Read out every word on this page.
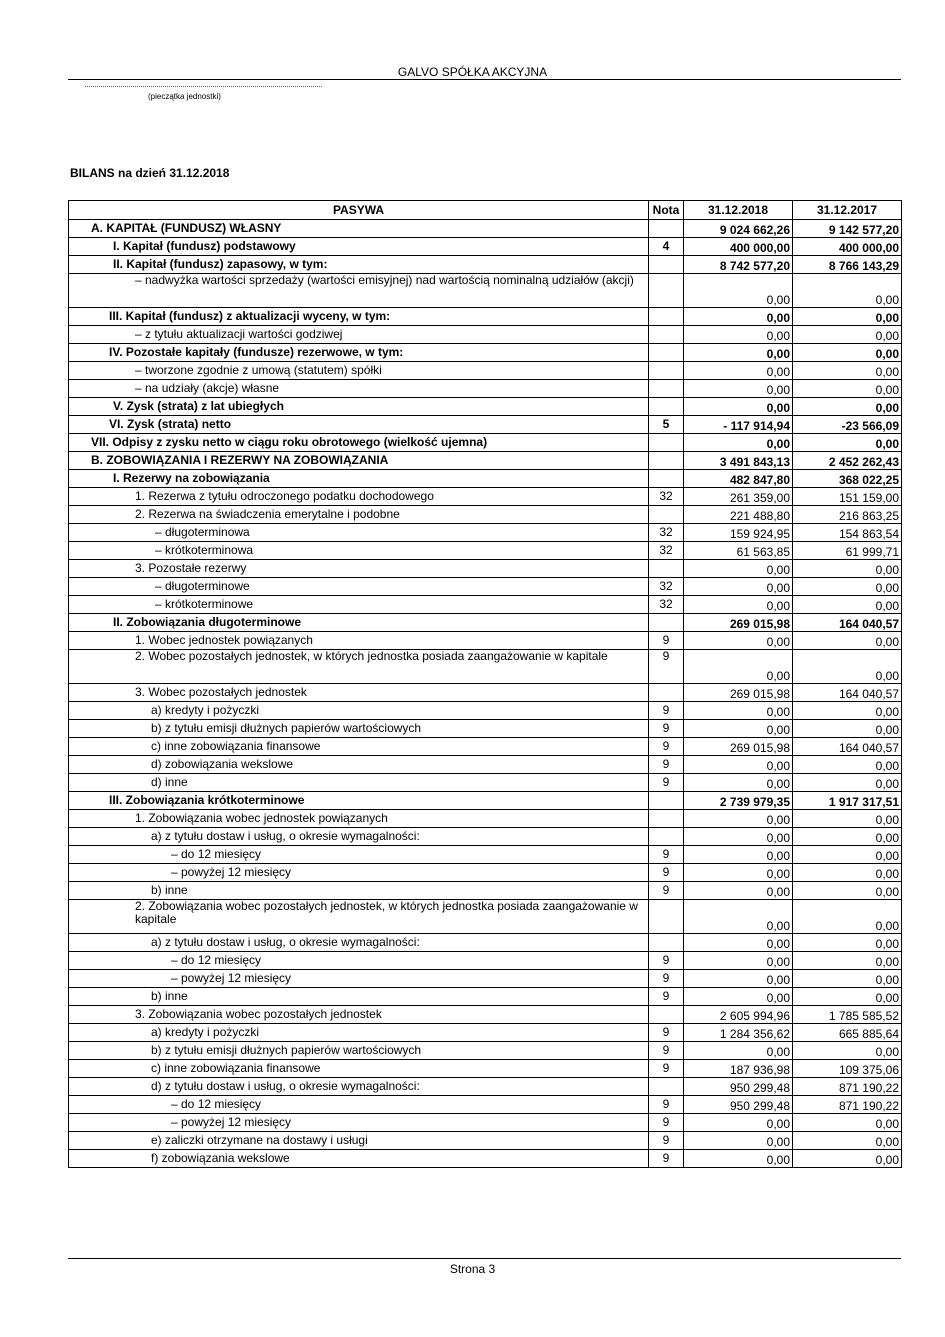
GALVO SPÓŁKA AKCYJNA
(pieczątka jednostki)
BILANS na dzień 31.12.2018
PASYWA	Nota	31.12.2018	31.12.2017
A. KAPITAŁ (FUNDUSZ) WŁASNY		9 024 662,26	9 142 577,20
I. Kapitał (fundusz) podstawowy	4	400 000,00	400 000,00
II. Kapitał (fundusz) zapasowy, w tym:		8 742 577,20	8 766 143,29
– nadwyżka wartości sprzedaży (wartości emisyjnej) nad wartością nominalną udziałów (akcji)		0,00	0,00
III. Kapitał (fundusz) z aktualizacji wyceny, w tym:		0,00	0,00
– z tytułu aktualizacji wartości godziwej		0,00	0,00
IV. Pozostałe kapitały (fundusze) rezerwowe, w tym:		0,00	0,00
– tworzone zgodnie z umową (statutem) spółki		0,00	0,00
– na udziały (akcje) własne		0,00	0,00
V. Zysk (strata) z lat ubiegłych		0,00	0,00
VI. Zysk (strata) netto	5	- 117 914,94	-23 566,09
VII. Odpisy z zysku netto w ciągu roku obrotowego (wielkość ujemna)		0,00	0,00
B. ZOBOWIĄZANIA I REZERWY NA ZOBOWIĄZANIA		3 491 843,13	2 452 262,43
I. Rezerwy na zobowiązania		482 847,80	368 022,25
1. Rezerwa z tytułu odroczonego podatku dochodowego	32	261 359,00	151 159,00
2. Rezerwa na świadczenia emerytalne i podobne		221 488,80	216 863,25
– długoterminowa	32	159 924,95	154 863,54
– krótkoterminowa	32	61 563,85	61 999,71
3. Pozostałe rezerwy		0,00	0,00
– długoterminowe	32	0,00	0,00
– krótkoterminowe	32	0,00	0,00
II. Zobowiązania długoterminowe		269 015,98	164 040,57
1. Wobec jednostek powiązanych	9	0,00	0,00
2. Wobec pozostałych jednostek, w których jednostka posiada zaangażowanie w kapitale	9	0,00	0,00
3. Wobec pozostałych jednostek		269 015,98	164 040,57
a) kredyty i pożyczki	9	0,00	0,00
b) z tytułu emisji dłużnych papierów wartościowych	9	0,00	0,00
c) inne zobowiązania finansowe	9	269 015,98	164 040,57
d) zobowiązania wekslowe	9	0,00	0,00
d) inne	9	0,00	0,00
III. Zobowiązania krótkoterminowe		2 739 979,35	1 917 317,51
1. Zobowiązania wobec jednostek powiązanych		0,00	0,00
a) z tytułu dostaw i usług, o okresie wymagalności:		0,00	0,00
– do 12 miesięcy	9	0,00	0,00
– powyżej 12 miesięcy	9	0,00	0,00
b) inne	9	0,00	0,00
2. Zobowiązania wobec pozostałych jednostek, w których jednostka posiada zaangażowanie w kapitale		0,00	0,00
a) z tytułu dostaw i usług, o okresie wymagalności:		0,00	0,00
– do 12 miesięcy	9	0,00	0,00
– powyżej 12 miesięcy	9	0,00	0,00
b) inne	9	0,00	0,00
3. Zobowiązania wobec pozostałych jednostek		2 605 994,96	1 785 585,52
a) kredyty i pożyczki	9	1 284 356,62	665 885,64
b) z tytułu emisji dłużnych papierów wartościowych	9	0,00	0,00
c) inne zobowiązania finansowe	9	187 936,98	109 375,06
d) z tytułu dostaw i usług, o okresie wymagalności:		950 299,48	871 190,22
– do 12 miesięcy	9	950 299,48	871 190,22
– powyżej 12 miesięcy	9	0,00	0,00
e) zaliczki otrzymane na dostawy i usługi	9	0,00	0,00
f) zobowiązania wekslowe	9	0,00	0,00
Strona 3
